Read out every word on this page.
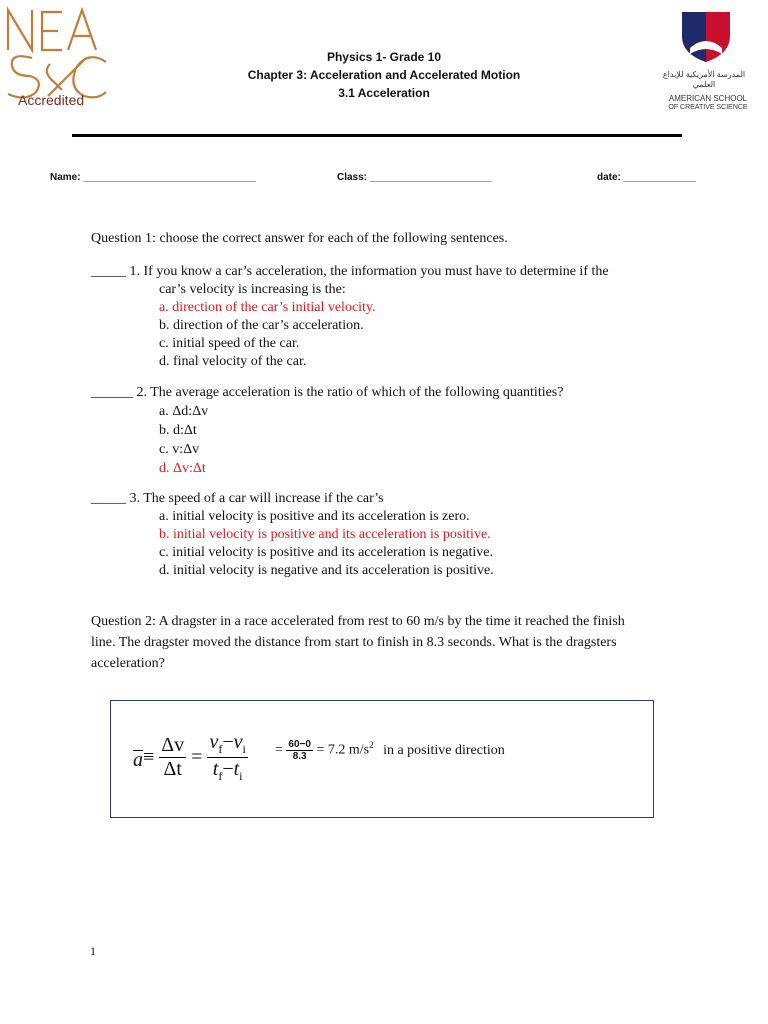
Accredited
المدرسة الأمريكية للإبداع العلمي
AMERICAN SCHOOL
OF CREATIVE SCIENCE
Physics 1- Grade 10
Chapter 3: Acceleration and Accelerated Motion
3.1 Acceleration
Name: _______________________________	Class: ______________________	date: _____________
Question 1: choose the correct answer for each of the following sentences.
_____ 1. If you know a car’s acceleration, the information you must have to determine if the
car’s velocity is increasing is the:
a. direction of the car’s initial velocity.
b. direction of the car’s acceleration.
c. initial speed of the car.
d. final velocity of the car.
______ 2. The average acceleration is the ratio of which of the following quantities?
a. Δd:Δv
b. d:Δt
c. v:Δv
d. Δv:Δt
_____ 3. The speed of a car will increase if the car’s
a. initial velocity is positive and its acceleration is zero.
b. initial velocity is positive and its acceleration is positive.
c. initial velocity is positive and its acceleration is negative.
d. initial velocity is negative and its acceleration is positive.
Question 2: A dragster in a race accelerated from rest to 60 m/s by the time it reached the finish
line. The dragster moved the distance from start to finish in 8.3 seconds. What is the dragsters
acceleration?
$a\equiv \frac{\Delta v}{\Delta t} = \frac{v_f-v_i}{t_f-t_i} = \frac{60-0}{8.3} = 7.2$ $m/s^2$ in a positive direction
1
